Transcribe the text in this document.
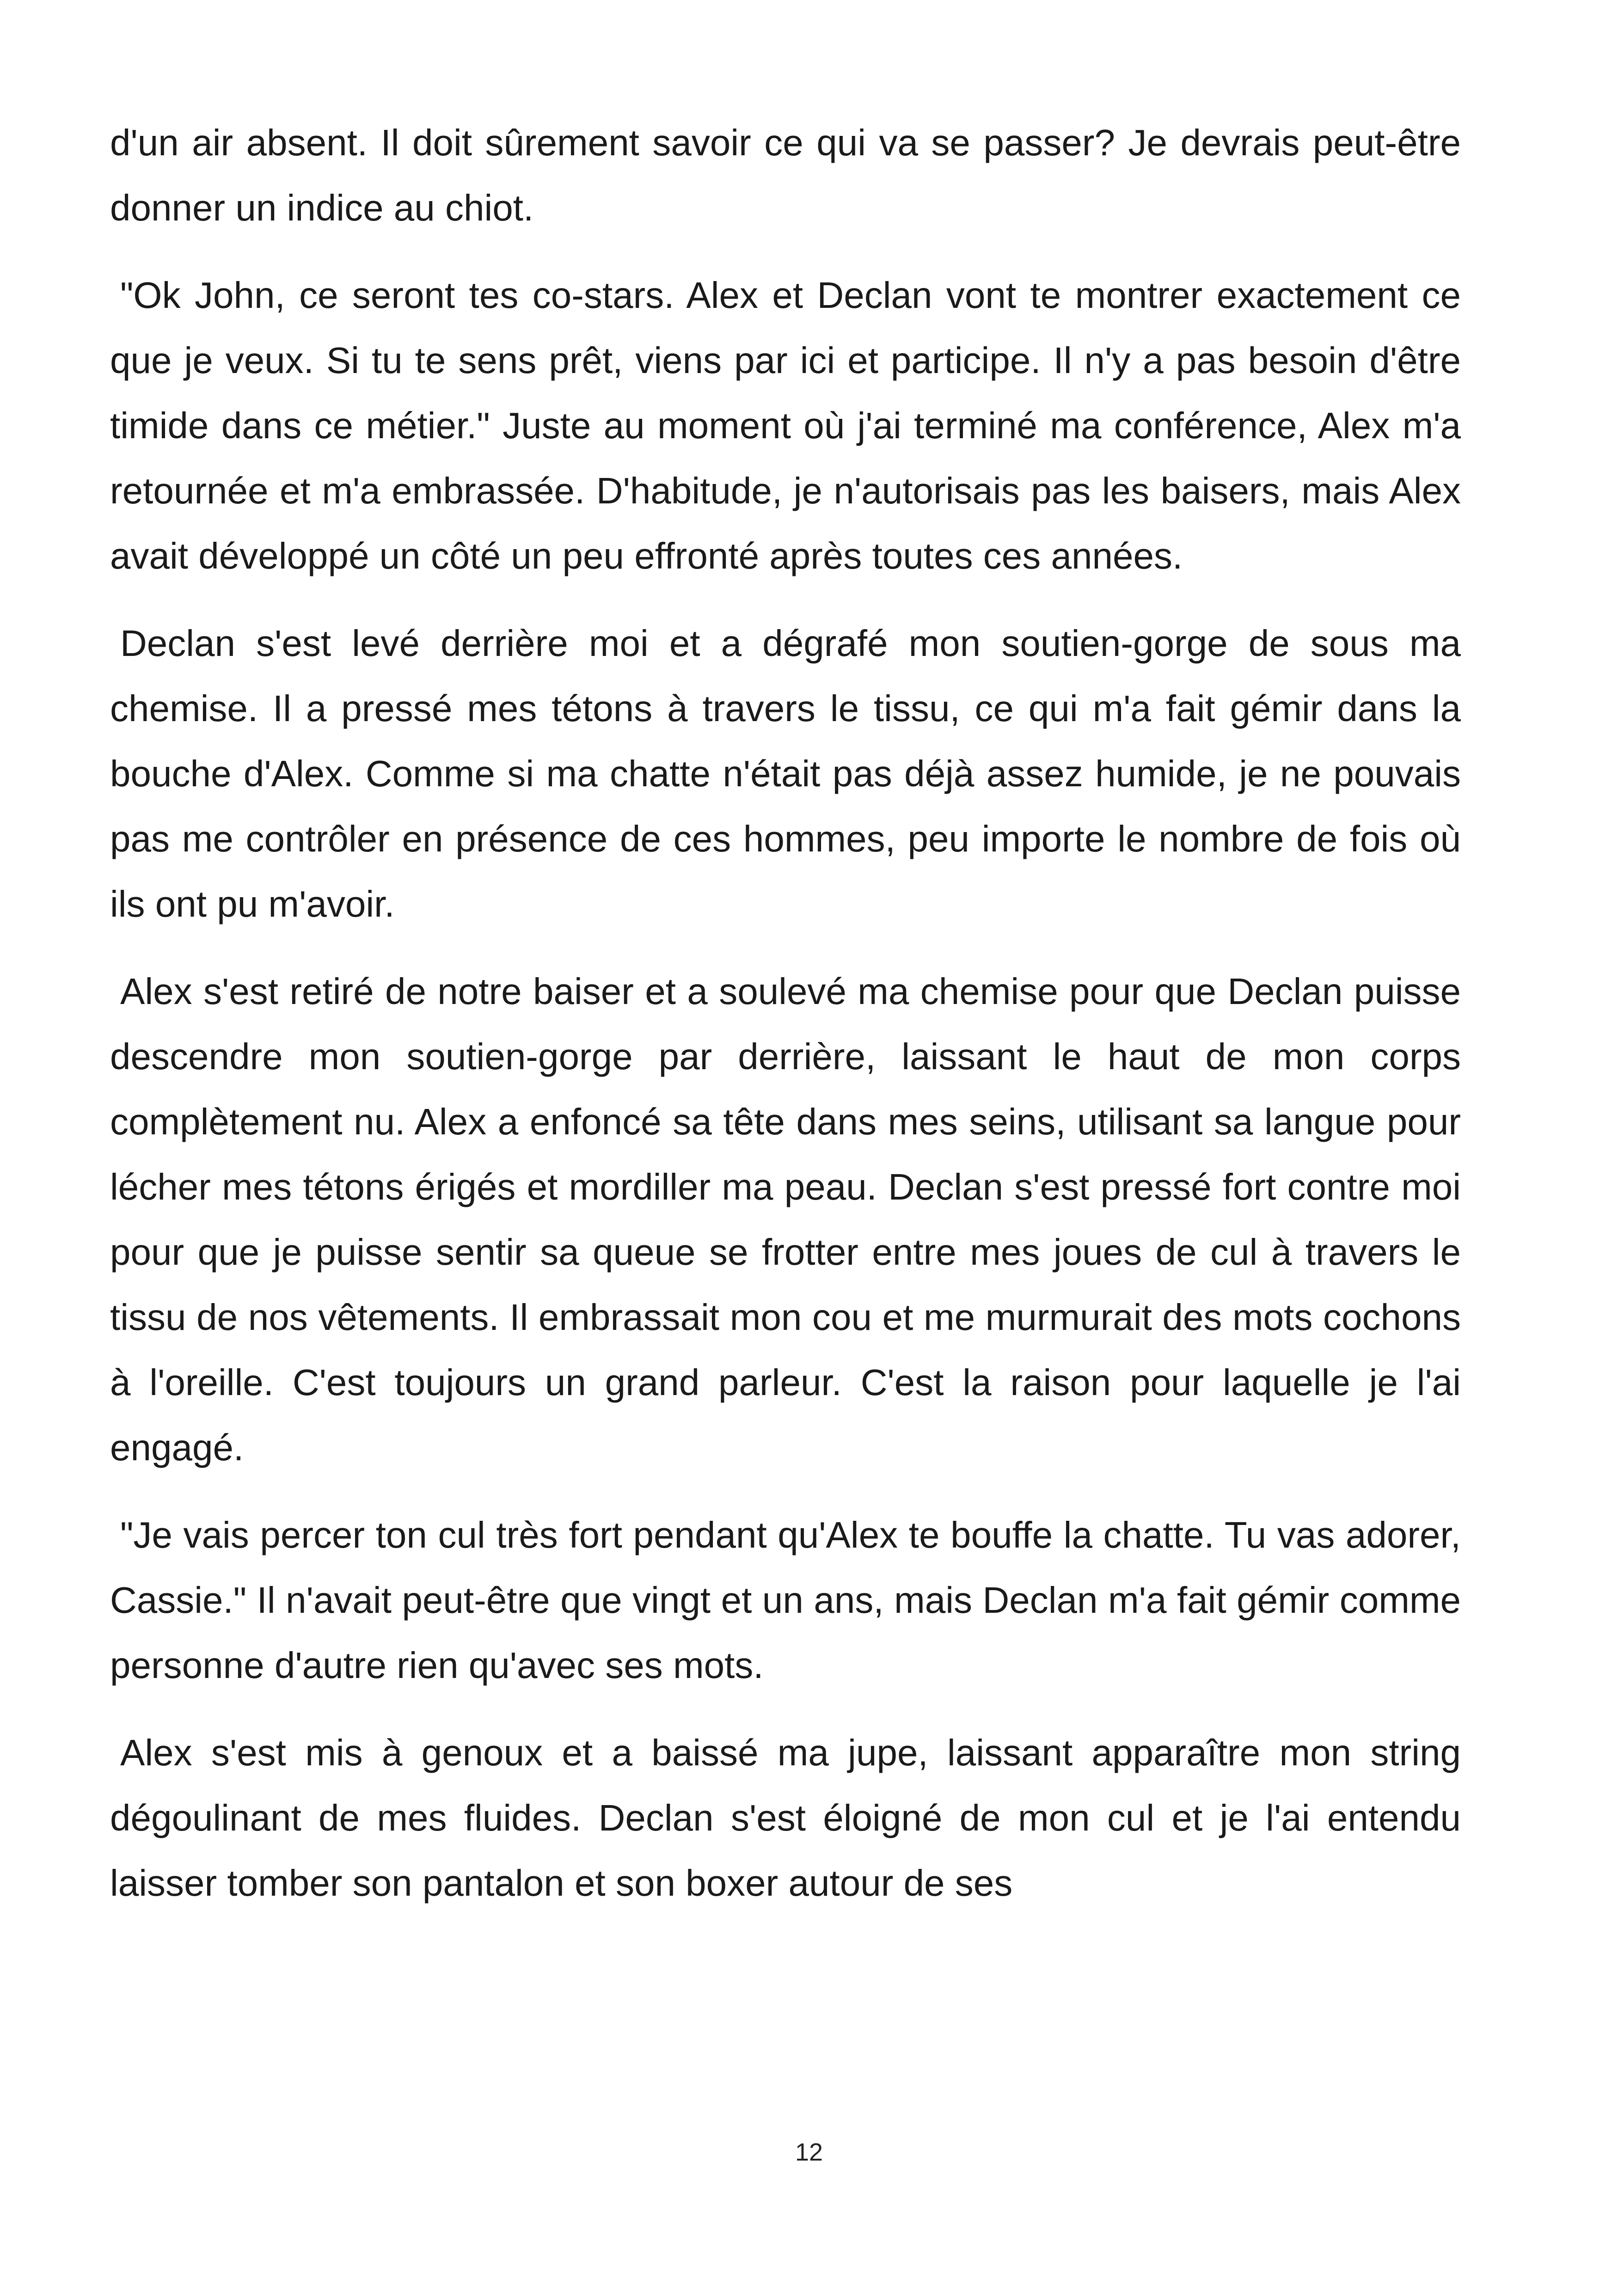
d'un air absent. Il doit sûrement savoir ce qui va se passer? Je devrais peut-être donner un indice au chiot.

"Ok John, ce seront tes co-stars. Alex et Declan vont te montrer exactement ce que je veux. Si tu te sens prêt, viens par ici et participe. Il n'y a pas besoin d'être timide dans ce métier." Juste au moment où j'ai terminé ma conférence, Alex m'a retournée et m'a embrassée. D'habitude, je n'autorisais pas les baisers, mais Alex avait développé un côté un peu effronté après toutes ces années.

Declan s'est levé derrière moi et a dégrafé mon soutien-gorge de sous ma chemise. Il a pressé mes tétons à travers le tissu, ce qui m'a fait gémir dans la bouche d'Alex. Comme si ma chatte n'était pas déjà assez humide, je ne pouvais pas me contrôler en présence de ces hommes, peu importe le nombre de fois où ils ont pu m'avoir.

Alex s'est retiré de notre baiser et a soulevé ma chemise pour que Declan puisse descendre mon soutien-gorge par derrière, laissant le haut de mon corps complètement nu. Alex a enfoncé sa tête dans mes seins, utilisant sa langue pour lécher mes tétons érigés et mordiller ma peau. Declan s'est pressé fort contre moi pour que je puisse sentir sa queue se frotter entre mes joues de cul à travers le tissu de nos vêtements. Il embrassait mon cou et me murmurait des mots cochons à l'oreille. C'est toujours un grand parleur. C'est la raison pour laquelle je l'ai engagé.

"Je vais percer ton cul très fort pendant qu'Alex te bouffe la chatte. Tu vas adorer, Cassie." Il n'avait peut-être que vingt et un ans, mais Declan m'a fait gémir comme personne d'autre rien qu'avec ses mots.

Alex s'est mis à genoux et a baissé ma jupe, laissant apparaître mon string dégoulinant de mes fluides. Declan s'est éloigné de mon cul et je l'ai entendu laisser tomber son pantalon et son boxer autour de ses

12
